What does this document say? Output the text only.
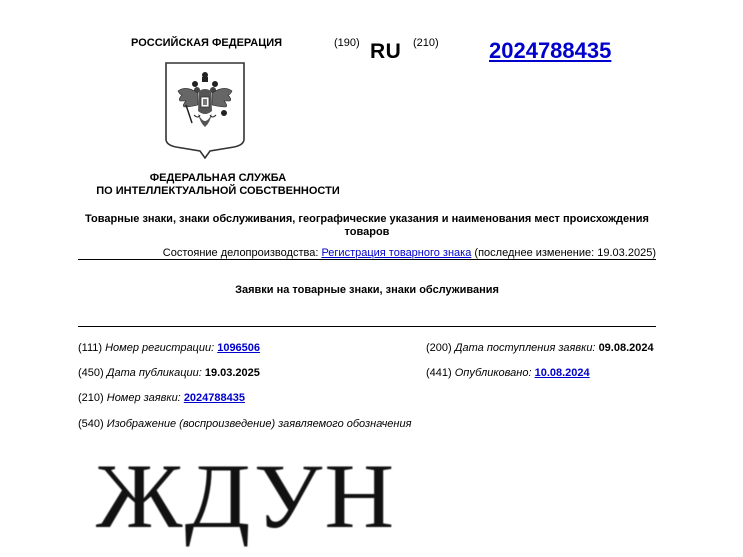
РОССИЙСКАЯ ФЕДЕРАЦИЯ	(190) RU (210) 2024788435
ФЕДЕРАЛЬНАЯ СЛУЖБА
ПО ИНТЕЛЛЕКТУАЛЬНОЙ СОБСТВЕННОСТИ
Товарные знаки, знаки обслуживания, географические указания и наименования мест происхождения товаров
Состояние делопроизводства: Регистрация товарного знака (последнее изменение: 19.03.2025)
Заявки на товарные знаки, знаки обслуживания
(111) Номер регистрации: 1096506
(450) Дата публикации: 19.03.2025
(210) Номер заявки: 2024788435
(540) Изображение (воспроизведение) заявляемого обозначения
(200) Дата поступления заявки: 09.08.2024
(441) Опубликовано: 10.08.2024
ЖДУН
